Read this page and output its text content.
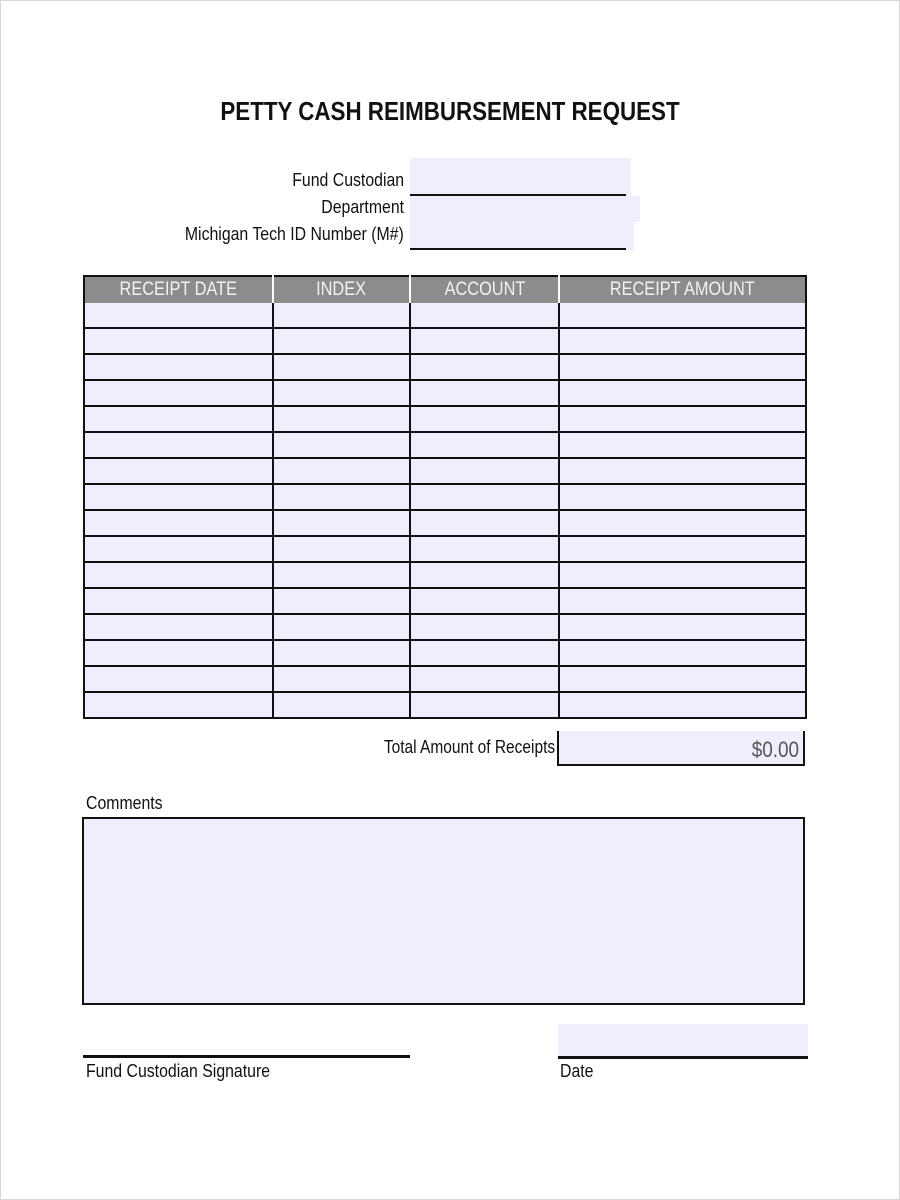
PETTY CASH REIMBURSEMENT REQUEST
Fund Custodian
Department
Michigan Tech ID Number (M#)
RECEIPT DATE	INDEX	ACCOUNT	RECEIPT AMOUNT

Total Amount of Receipts	$0.00
Comments
Fund Custodian Signature	Date
